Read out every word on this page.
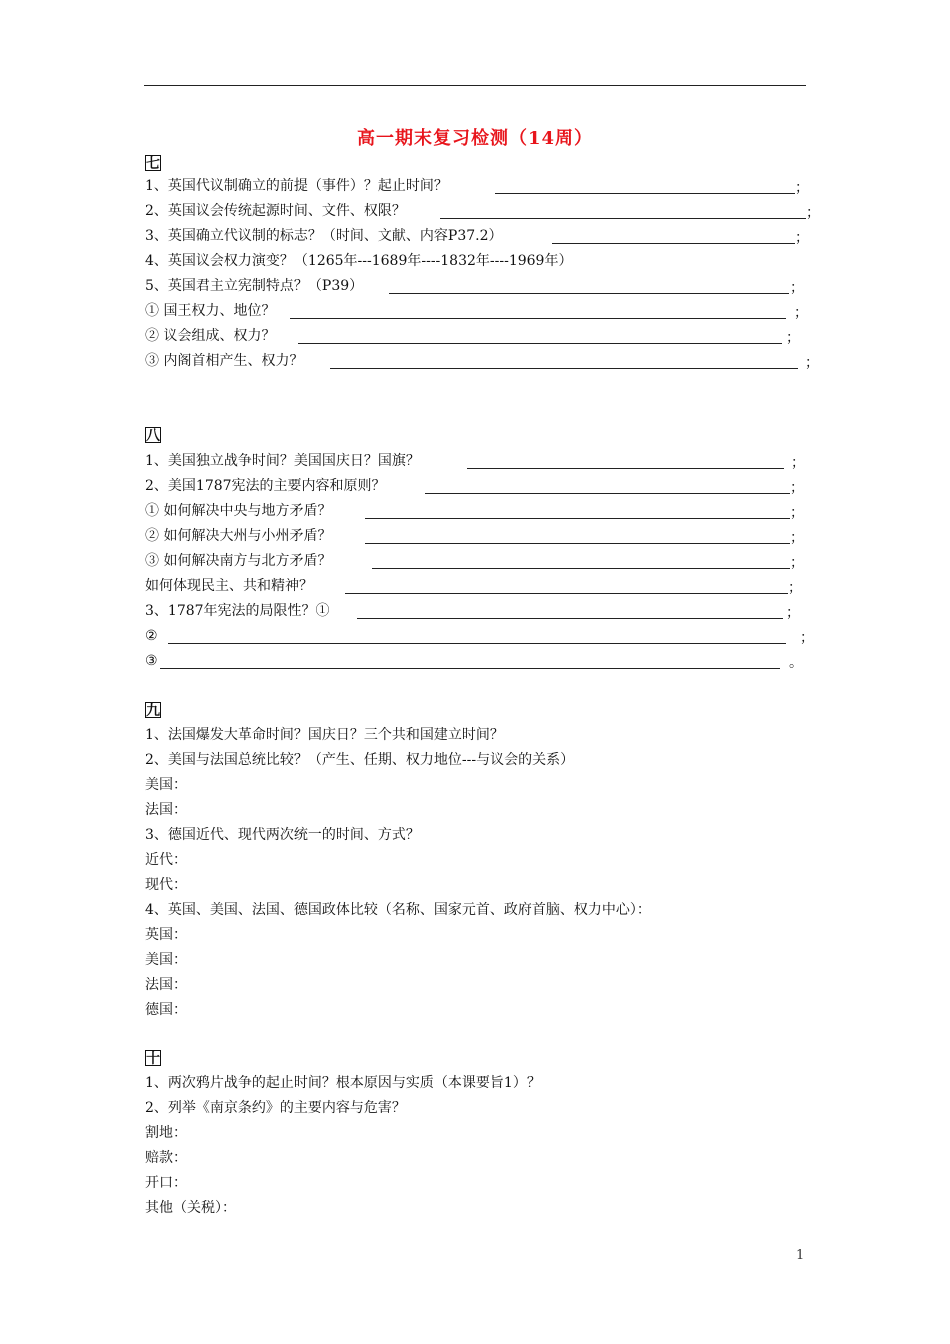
高一期末复习检测（14周）
七
1、英国代议制确立的前提（事件）？起止时间？	；
2、英国议会传统起源时间、文件、权限？	；
3、英国确立代议制的标志？（时间、文献、内容P37.2）	；
4、英国议会权力演变？（1265年---1689年----1832年----1969年）
5、英国君主立宪制特点？（P39）	；
① 国王权力、地位？	；
② 议会组成、权力？	；
③ 内阁首相产生、权力？	；
八
1、美国独立战争时间？美国国庆日？国旗？	；
2、美国1787宪法的主要内容和原则？	；
① 如何解决中央与地方矛盾？	；
② 如何解决大州与小州矛盾？	；
③ 如何解决南方与北方矛盾？	；
如何体现民主、共和精神？	；
3、1787年宪法的局限性？①	；
②	；
③	。
九
1、法国爆发大革命时间？国庆日？三个共和国建立时间？
2、美国与法国总统比较？（产生、任期、权力地位---与议会的关系）
美国：
法国：
3、德国近代、现代两次统一的时间、方式？
近代：
现代：
4、英国、美国、法国、德国政体比较（名称、国家元首、政府首脑、权力中心）：
英国：
美国：
法国：
德国：
十
1、两次鸦片战争的起止时间？根本原因与实质（本课要旨1）？
2、列举《南京条约》的主要内容与危害？
割地：
赔款：
开口：
其他（关税）：
1
